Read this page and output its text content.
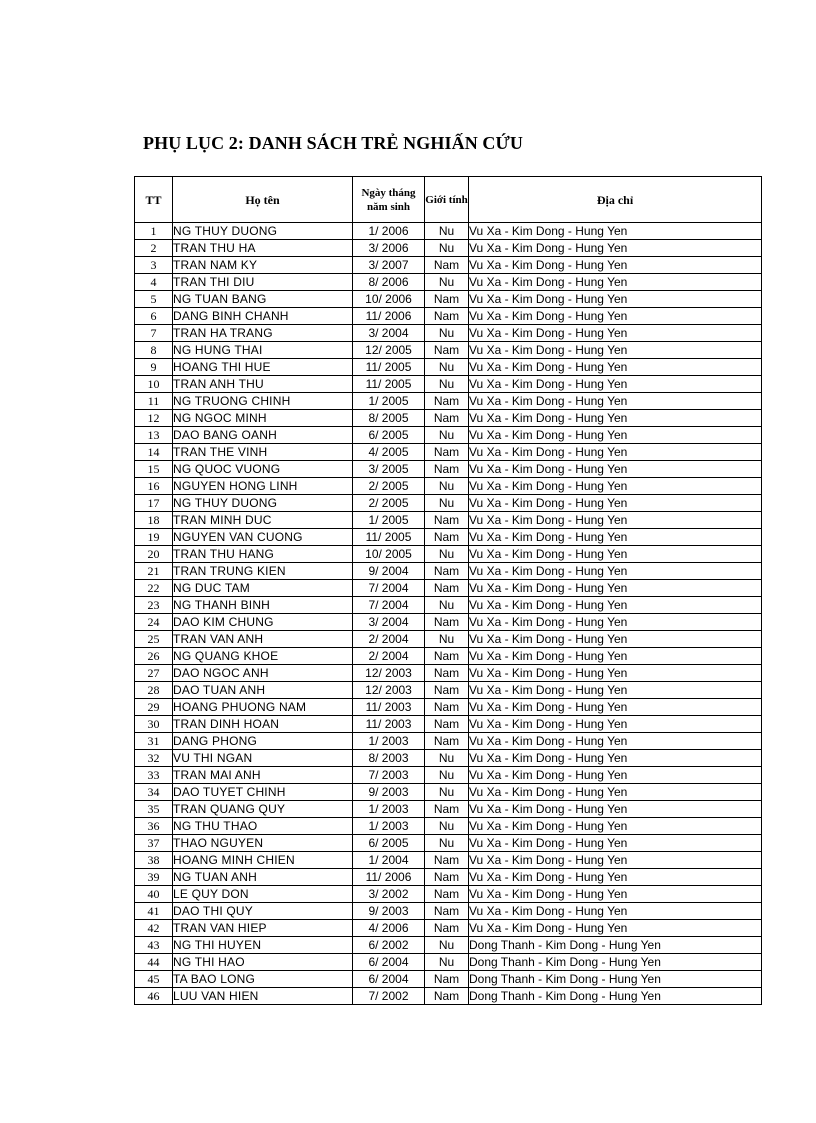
PHỤ LỤC 2: DANH SÁCH TRẺ NGHIẤN CỨU
TT	Họ tên	Ngày tháng năm sinh	Giới tính	Địa chỉ
1	NG THUY DUONG	1/ 2006	Nu	Vu Xa - Kim Dong - Hung Yen
2	TRAN THU HA	3/ 2006	Nu	Vu Xa - Kim Dong - Hung Yen
3	TRAN NAM KY	3/ 2007	Nam	Vu Xa - Kim Dong - Hung Yen
4	TRAN THI DIU	8/ 2006	Nu	Vu Xa - Kim Dong - Hung Yen
5	NG TUAN BANG	10/ 2006	Nam	Vu Xa - Kim Dong - Hung Yen
6	DANG BINH CHANH	11/ 2006	Nam	Vu Xa - Kim Dong - Hung Yen
7	TRAN HA TRANG	3/ 2004	Nu	Vu Xa - Kim Dong - Hung Yen
8	NG HUNG THAI	12/ 2005	Nam	Vu Xa - Kim Dong - Hung Yen
9	HOANG THI HUE	11/ 2005	Nu	Vu Xa - Kim Dong - Hung Yen
10	TRAN ANH THU	11/ 2005	Nu	Vu Xa - Kim Dong - Hung Yen
11	NG TRUONG CHINH	1/ 2005	Nam	Vu Xa - Kim Dong - Hung Yen
12	NG NGOC MINH	8/ 2005	Nam	Vu Xa - Kim Dong - Hung Yen
13	DAO BANG OANH	6/ 2005	Nu	Vu Xa - Kim Dong - Hung Yen
14	TRAN THE VINH	4/ 2005	Nam	Vu Xa - Kim Dong - Hung Yen
15	NG QUOC VUONG	3/ 2005	Nam	Vu Xa - Kim Dong - Hung Yen
16	NGUYEN HONG LINH	2/ 2005	Nu	Vu Xa - Kim Dong - Hung Yen
17	NG THUY DUONG	2/ 2005	Nu	Vu Xa - Kim Dong - Hung Yen
18	TRAN MINH DUC	1/ 2005	Nam	Vu Xa - Kim Dong - Hung Yen
19	NGUYEN VAN CUONG	11/ 2005	Nam	Vu Xa - Kim Dong - Hung Yen
20	TRAN THU HANG	10/ 2005	Nu	Vu Xa - Kim Dong - Hung Yen
21	TRAN TRUNG KIEN	9/ 2004	Nam	Vu Xa - Kim Dong - Hung Yen
22	NG DUC TAM	7/ 2004	Nam	Vu Xa - Kim Dong - Hung Yen
23	NG THANH BINH	7/ 2004	Nu	Vu Xa - Kim Dong - Hung Yen
24	DAO KIM CHUNG	3/ 2004	Nam	Vu Xa - Kim Dong - Hung Yen
25	TRAN VAN ANH	2/ 2004	Nu	Vu Xa - Kim Dong - Hung Yen
26	NG QUANG KHOE	2/ 2004	Nam	Vu Xa - Kim Dong - Hung Yen
27	DAO NGOC ANH	12/ 2003	Nam	Vu Xa - Kim Dong - Hung Yen
28	DAO TUAN ANH	12/ 2003	Nam	Vu Xa - Kim Dong - Hung Yen
29	HOANG PHUONG NAM	11/ 2003	Nam	Vu Xa - Kim Dong - Hung Yen
30	TRAN DINH HOAN	11/ 2003	Nam	Vu Xa - Kim Dong - Hung Yen
31	DANG PHONG	1/ 2003	Nam	Vu Xa - Kim Dong - Hung Yen
32	VU THI NGAN	8/ 2003	Nu	Vu Xa - Kim Dong - Hung Yen
33	TRAN MAI ANH	7/ 2003	Nu	Vu Xa - Kim Dong - Hung Yen
34	DAO TUYET CHINH	9/ 2003	Nu	Vu Xa - Kim Dong - Hung Yen
35	TRAN QUANG QUY	1/ 2003	Nam	Vu Xa - Kim Dong - Hung Yen
36	NG THU THAO	1/ 2003	Nu	Vu Xa - Kim Dong - Hung Yen
37	THAO NGUYEN	6/ 2005	Nu	Vu Xa - Kim Dong - Hung Yen
38	HOANG MINH CHIEN	1/ 2004	Nam	Vu Xa - Kim Dong - Hung Yen
39	NG TUAN ANH	11/ 2006	Nam	Vu Xa - Kim Dong - Hung Yen
40	LE QUY DON	3/ 2002	Nam	Vu Xa - Kim Dong - Hung Yen
41	DAO THI QUY	9/ 2003	Nam	Vu Xa - Kim Dong - Hung Yen
42	TRAN VAN HIEP	4/ 2006	Nam	Vu Xa - Kim Dong - Hung Yen
43	NG THI HUYEN	6/ 2002	Nu	Dong Thanh - Kim Dong - Hung Yen
44	NG THI HAO	6/ 2004	Nu	Dong Thanh - Kim Dong - Hung Yen
45	TA BAO LONG	6/ 2004	Nam	Dong Thanh - Kim Dong - Hung Yen
46	LUU VAN HIEN	7/ 2002	Nam	Dong Thanh - Kim Dong - Hung Yen
